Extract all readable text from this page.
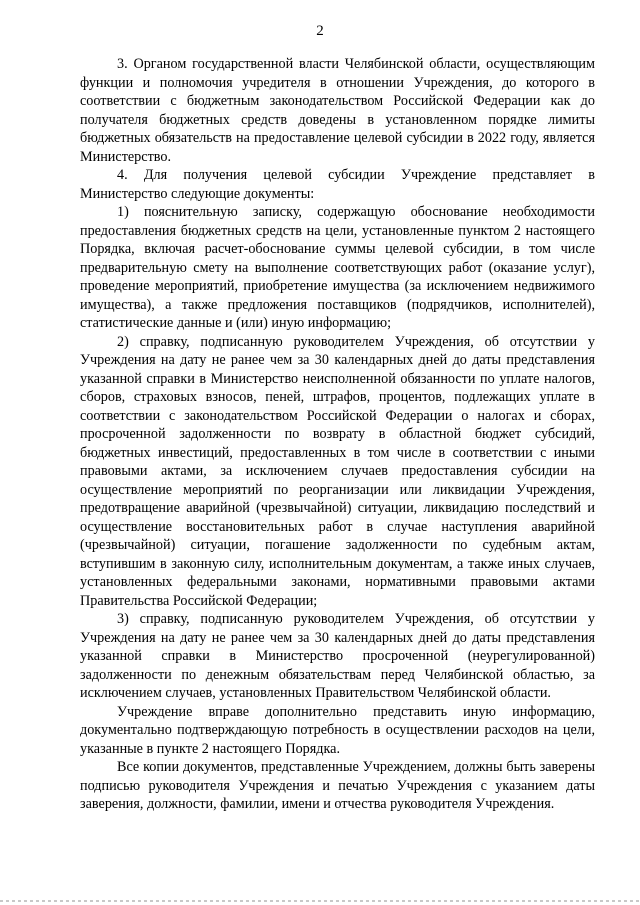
2

3. Органом государственной власти Челябинской области, осуществляющим функции и полномочия учредителя в отношении Учреждения, до которого в соответствии с бюджетным законодательством Российской Федерации как до получателя бюджетных средств доведены в установленном порядке лимиты бюджетных обязательств на предоставление целевой субсидии в 2022 году, является Министерство.

4. Для получения целевой субсидии Учреждение представляет в Министерство следующие документы:

1) пояснительную записку, содержащую обоснование необходимости предоставления бюджетных средств на цели, установленные пунктом 2 настоящего Порядка, включая расчет-обоснование суммы целевой субсидии, в том числе предварительную смету на выполнение соответствующих работ (оказание услуг), проведение мероприятий, приобретение имущества (за исключением недвижимого имущества), а также предложения поставщиков (подрядчиков, исполнителей), статистические данные и (или) иную информацию;

2) справку, подписанную руководителем Учреждения, об отсутствии у Учреждения на дату не ранее чем за 30 календарных дней до даты представления указанной справки в Министерство неисполненной обязанности по уплате налогов, сборов, страховых взносов, пеней, штрафов, процентов, подлежащих уплате в соответствии с законодательством Российской Федерации о налогах и сборах, просроченной задолженности по возврату в областной бюджет субсидий, бюджетных инвестиций, предоставленных в том числе в соответствии с иными правовыми актами, за исключением случаев предоставления субсидии на осуществление мероприятий по реорганизации или ликвидации Учреждения, предотвращение аварийной (чрезвычайной) ситуации, ликвидацию последствий и осуществление восстановительных работ в случае наступления аварийной (чрезвычайной) ситуации, погашение задолженности по судебным актам, вступившим в законную силу, исполнительным документам, а также иных случаев, установленных федеральными законами, нормативными правовыми актами Правительства Российской Федерации;

3) справку, подписанную руководителем Учреждения, об отсутствии у Учреждения на дату не ранее чем за 30 календарных дней до даты представления указанной справки в Министерство просроченной (неурегулированной) задолженности по денежным обязательствам перед Челябинской областью, за исключением случаев, установленных Правительством Челябинской области.

Учреждение вправе дополнительно представить иную информацию, документально подтверждающую потребность в осуществлении расходов на цели, указанные в пункте 2 настоящего Порядка.

Все копии документов, представленные Учреждением, должны быть заверены подписью руководителя Учреждения и печатью Учреждения с указанием даты заверения, должности, фамилии, имени и отчества руководителя Учреждения.
